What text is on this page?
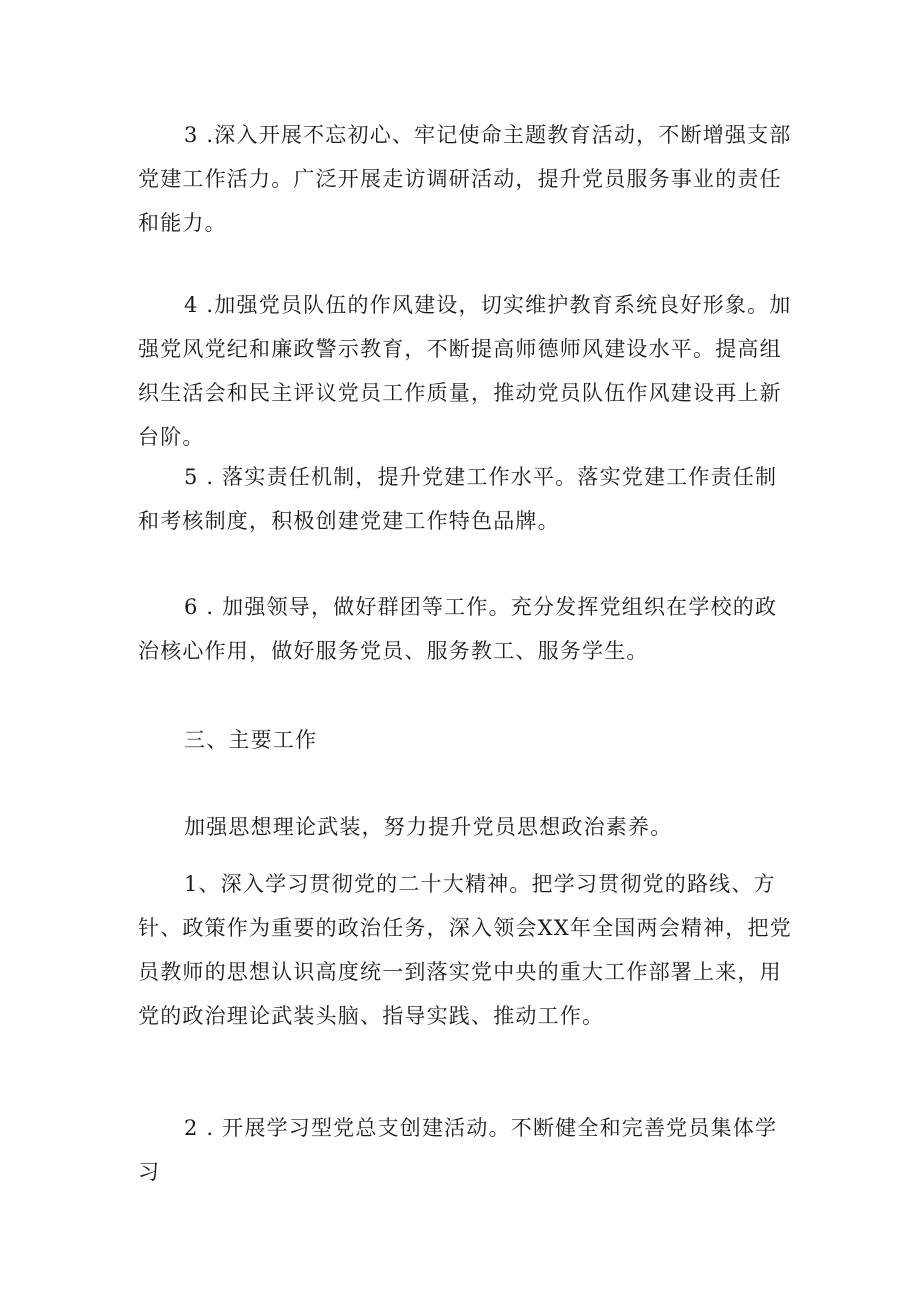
3 .深入开展不忘初心、牢记使命主题教育活动，不断增强支部党建工作活力。广泛开展走访调研活动，提升党员服务事业的责任和能力。

4 .加强党员队伍的作风建设，切实维护教育系统良好形象。加强党风党纪和廉政警示教育，不断提高师德师风建设水平。提高组织生活会和民主评议党员工作质量，推动党员队伍作风建设再上新台阶。

5 . 落实责任机制，提升党建工作水平。落实党建工作责任制和考核制度，积极创建党建工作特色品牌。

6 . 加强领导，做好群团等工作。充分发挥党组织在学校的政治核心作用，做好服务党员、服务教工、服务学生。

三、主要工作

加强思想理论武装，努力提升党员思想政治素养。

1、深入学习贯彻党的二十大精神。把学习贯彻党的路线、方针、政策作为重要的政治任务，深入领会XX年全国两会精神，把党员教师的思想认识高度统一到落实党中央的重大工作部署上来，用党的政治理论武装头脑、指导实践、推动工作。

2 . 开展学习型党总支创建活动。不断健全和完善党员集体学习
